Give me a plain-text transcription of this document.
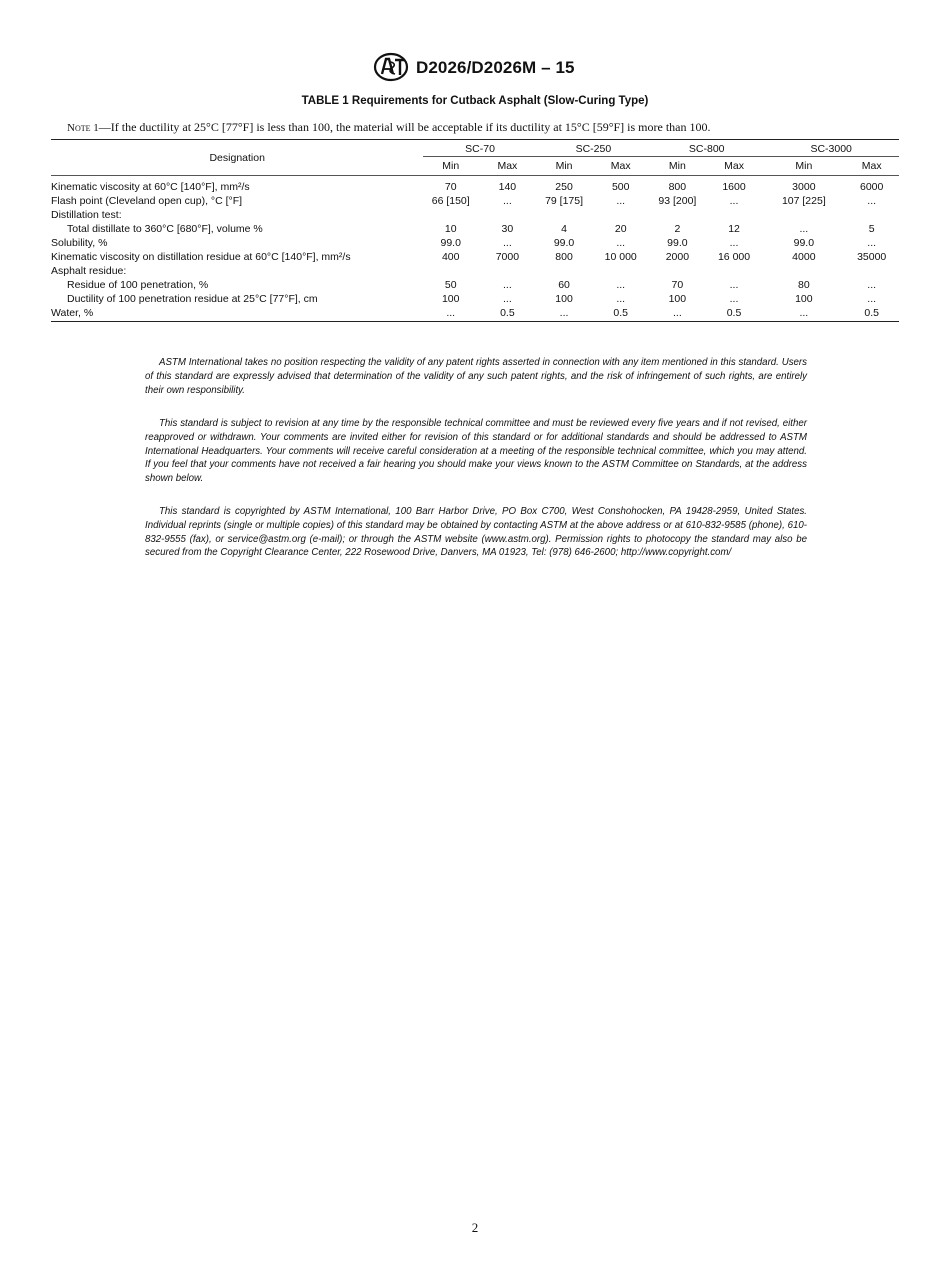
D2026/D2026M – 15
TABLE 1 Requirements for Cutback Asphalt (Slow-Curing Type)
Note 1—If the ductility at 25°C [77°F] is less than 100, the material will be acceptable if its ductility at 15°C [59°F] is more than 100.
Designation	SC-70		SC-250		SC-800		SC-3000	
	Min	Max	Min	Max	Min	Max	Min	Max
Kinematic viscosity at 60°C [140°F], mm²/s	70	140	250	500	800	1600	3000	6000
Flash point (Cleveland open cup), °C [°F]	66 [150]	...	79 [175]	...	93 [200]	...	107 [225]	...
Distillation test:								
Total distillate to 360°C [680°F], volume %	10	30	4	20	2	12	...	5
Solubility, %	99.0	...	99.0	...	99.0	...	99.0	...
Kinematic viscosity on distillation residue at 60°C [140°F], mm²/s	400	7000	800	10 000	2000	16 000	4000	35000
Asphalt residue:								
Residue of 100 penetration, %	50	...	60	...	70	...	80	...
Ductility of 100 penetration residue at 25°C [77°F], cm	100	...	100	...	100	...	100	...
Water, %	...	0.5	...	0.5	...	0.5	...	0.5
ASTM International takes no position respecting the validity of any patent rights asserted in connection with any item mentioned in this standard. Users of this standard are expressly advised that determination of the validity of any such patent rights, and the risk of infringement of such rights, are entirely their own responsibility.
This standard is subject to revision at any time by the responsible technical committee and must be reviewed every five years and if not revised, either reapproved or withdrawn. Your comments are invited either for revision of this standard or for additional standards and should be addressed to ASTM International Headquarters. Your comments will receive careful consideration at a meeting of the responsible technical committee, which you may attend. If you feel that your comments have not received a fair hearing you should make your views known to the ASTM Committee on Standards, at the address shown below.
This standard is copyrighted by ASTM International, 100 Barr Harbor Drive, PO Box C700, West Conshohocken, PA 19428-2959, United States. Individual reprints (single or multiple copies) of this standard may be obtained by contacting ASTM at the above address or at 610-832-9585 (phone), 610-832-9555 (fax), or service@astm.org (e-mail); or through the ASTM website (www.astm.org). Permission rights to photocopy the standard may also be secured from the Copyright Clearance Center, 222 Rosewood Drive, Danvers, MA 01923, Tel: (978) 646-2600; http://www.copyright.com/
2
